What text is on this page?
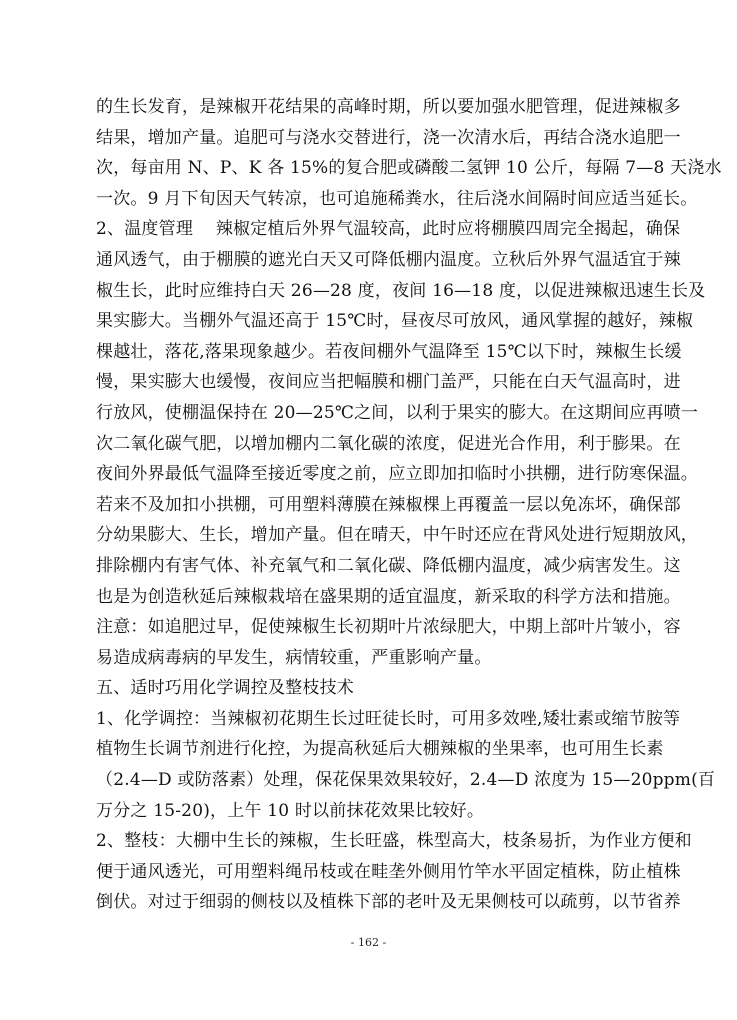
的生长发育，是辣椒开花结果的高峰时期，所以要加强水肥管理，促进辣椒多
结果，增加产量。追肥可与浇水交替进行，浇一次清水后，再结合浇水追肥一
次，每亩用 N、P、K 各 15%的复合肥或磷酸二氢钾 10 公斤，每隔 7—8 天浇水
一次。9 月下旬因天气转凉，也可追施稀粪水，往后浇水间隔时间应适当延长。
2、温度管理　 辣椒定植后外界气温较高，此时应将棚膜四周完全揭起，确保
通风透气，由于棚膜的遮光白天又可降低棚内温度。立秋后外界气温适宜于辣
椒生长，此时应维持白天 26—28 度，夜间 16—18 度，以促进辣椒迅速生长及
果实膨大。当棚外气温还高于 15℃时，昼夜尽可放风，通风掌握的越好，辣椒
棵越壮，落花,落果现象越少。若夜间棚外气温降至 15℃以下时，辣椒生长缓
慢，果实膨大也缓慢，夜间应当把幅膜和棚门盖严，只能在白天气温高时，进
行放风，使棚温保持在 20—25℃之间，以利于果实的膨大。在这期间应再喷一
次二氧化碳气肥，以增加棚内二氧化碳的浓度，促进光合作用，利于膨果。在
夜间外界最低气温降至接近零度之前，应立即加扣临时小拱棚，进行防寒保温。
若来不及加扣小拱棚，可用塑料薄膜在辣椒棵上再覆盖一层以免冻坏，确保部
分幼果膨大、生长，增加产量。但在晴天，中午时还应在背风处进行短期放风，
排除棚内有害气体、补充氧气和二氧化碳、降低棚内温度，减少病害发生。这
也是为创造秋延后辣椒栽培在盛果期的适宜温度，新采取的科学方法和措施。
注意：如追肥过早，促使辣椒生长初期叶片浓绿肥大，中期上部叶片皱小，容
易造成病毒病的早发生，病情较重，严重影响产量。
五、适时巧用化学调控及整枝技术
1、化学调控：当辣椒初花期生长过旺徒长时，可用多效唑,矮壮素或缩节胺等
植物生长调节剂进行化控，为提高秋延后大棚辣椒的坐果率，也可用生长素
（2.4—D 或防落素）处理，保花保果效果较好，2.4—D 浓度为 15—20ppm(百
万分之 15-20)，上午 10 时以前抹花效果比较好。
2、整枝：大棚中生长的辣椒，生长旺盛，株型高大，枝条易折，为作业方便和
便于通风透光，可用塑料绳吊枝或在畦垄外侧用竹竿水平固定植株，防止植株
倒伏。对过于细弱的侧枝以及植株下部的老叶及无果侧枝可以疏剪，以节省养
- 162 -
